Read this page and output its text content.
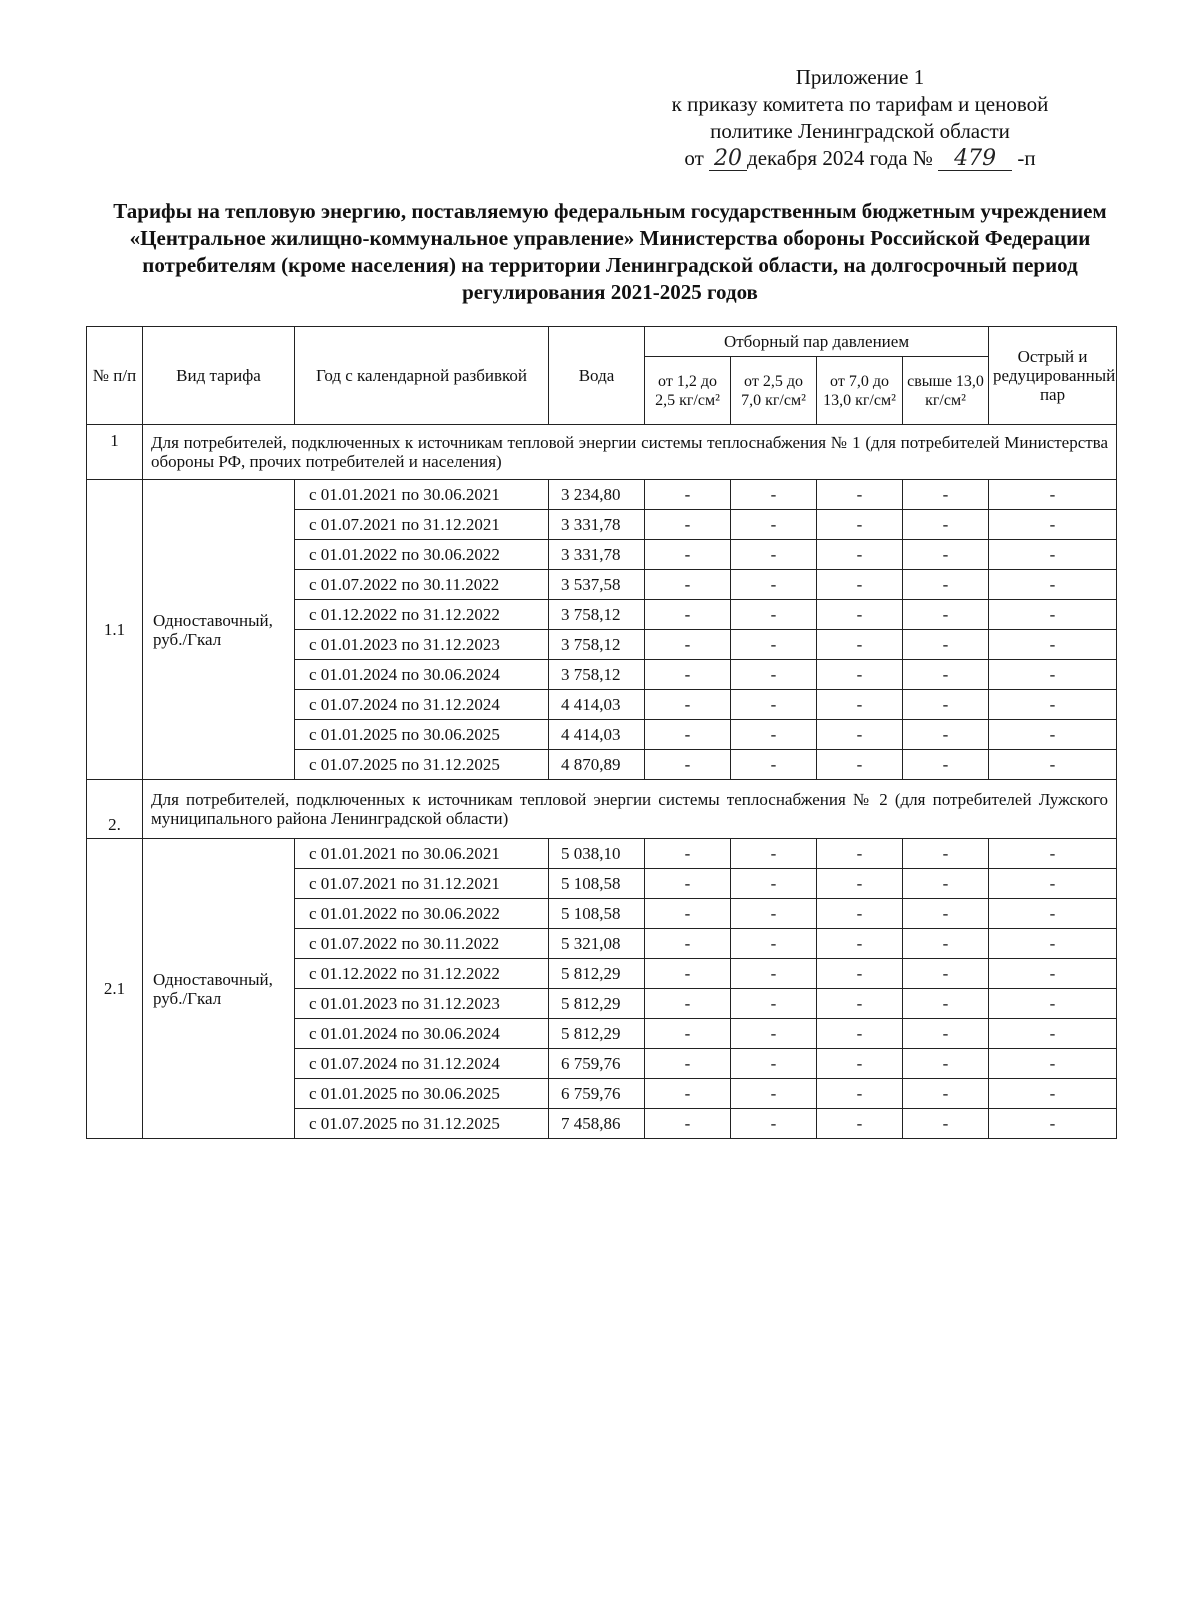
Приложение 1
к приказу комитета по тарифам и ценовой
политике Ленинградской области
от 20 декабря 2024 года № 479 -п
Тарифы на тепловую энергию, поставляемую федеральным государственным бюджетным учреждением «Центральное жилищно-коммунальное управление» Министерства обороны Российской Федерации потребителям (кроме населения) на территории Ленинградской области, на долгосрочный период регулирования 2021-2025 годов
№ п/п	Вид тарифа	Год с календарной разбивкой	Вода	Отборный пар давлением				Острый и редуцированный пар
				от 1,2 до 2,5 кг/см²	от 2,5 до 7,0 кг/см²	от 7,0 до 13,0 кг/см²	свыше 13,0 кг/см²	
1	Для потребителей, подключенных к источникам тепловой энергии системы теплоснабжения № 1 (для потребителей Министерства обороны РФ, прочих потребителей и населения)							
1.1	Одноставочный, руб./Гкал	с 01.01.2021 по 30.06.2021	3 234,80	-	-	-	-	-
		с 01.07.2021 по 31.12.2021	3 331,78	-	-	-	-	-
		с 01.01.2022 по 30.06.2022	3 331,78	-	-	-	-	-
		с 01.07.2022 по 30.11.2022	3 537,58	-	-	-	-	-
		с 01.12.2022 по 31.12.2022	3 758,12	-	-	-	-	-
		с 01.01.2023 по 31.12.2023	3 758,12	-	-	-	-	-
		с 01.01.2024 по 30.06.2024	3 758,12	-	-	-	-	-
		с 01.07.2024 по 31.12.2024	4 414,03	-	-	-	-	-
		с 01.01.2025 по 30.06.2025	4 414,03	-	-	-	-	-
		с 01.07.2025 по 31.12.2025	4 870,89	-	-	-	-	-
2.	Для потребителей, подключенных к источникам тепловой энергии системы теплоснабжения № 2 (для потребителей Лужского муниципального района Ленинградской области)							
2.1	Одноставочный, руб./Гкал	с 01.01.2021 по 30.06.2021	5 038,10	-	-	-	-	-
		с 01.07.2021 по 31.12.2021	5 108,58	-	-	-	-	-
		с 01.01.2022 по 30.06.2022	5 108,58	-	-	-	-	-
		с 01.07.2022 по 30.11.2022	5 321,08	-	-	-	-	-
		с 01.12.2022 по 31.12.2022	5 812,29	-	-	-	-	-
		с 01.01.2023 по 31.12.2023	5 812,29	-	-	-	-	-
		с 01.01.2024 по 30.06.2024	5 812,29	-	-	-	-	-
		с 01.07.2024 по 31.12.2024	6 759,76	-	-	-	-	-
		с 01.01.2025 по 30.06.2025	6 759,76	-	-	-	-	-
		с 01.07.2025 по 31.12.2025	7 458,86	-	-	-	-	-
